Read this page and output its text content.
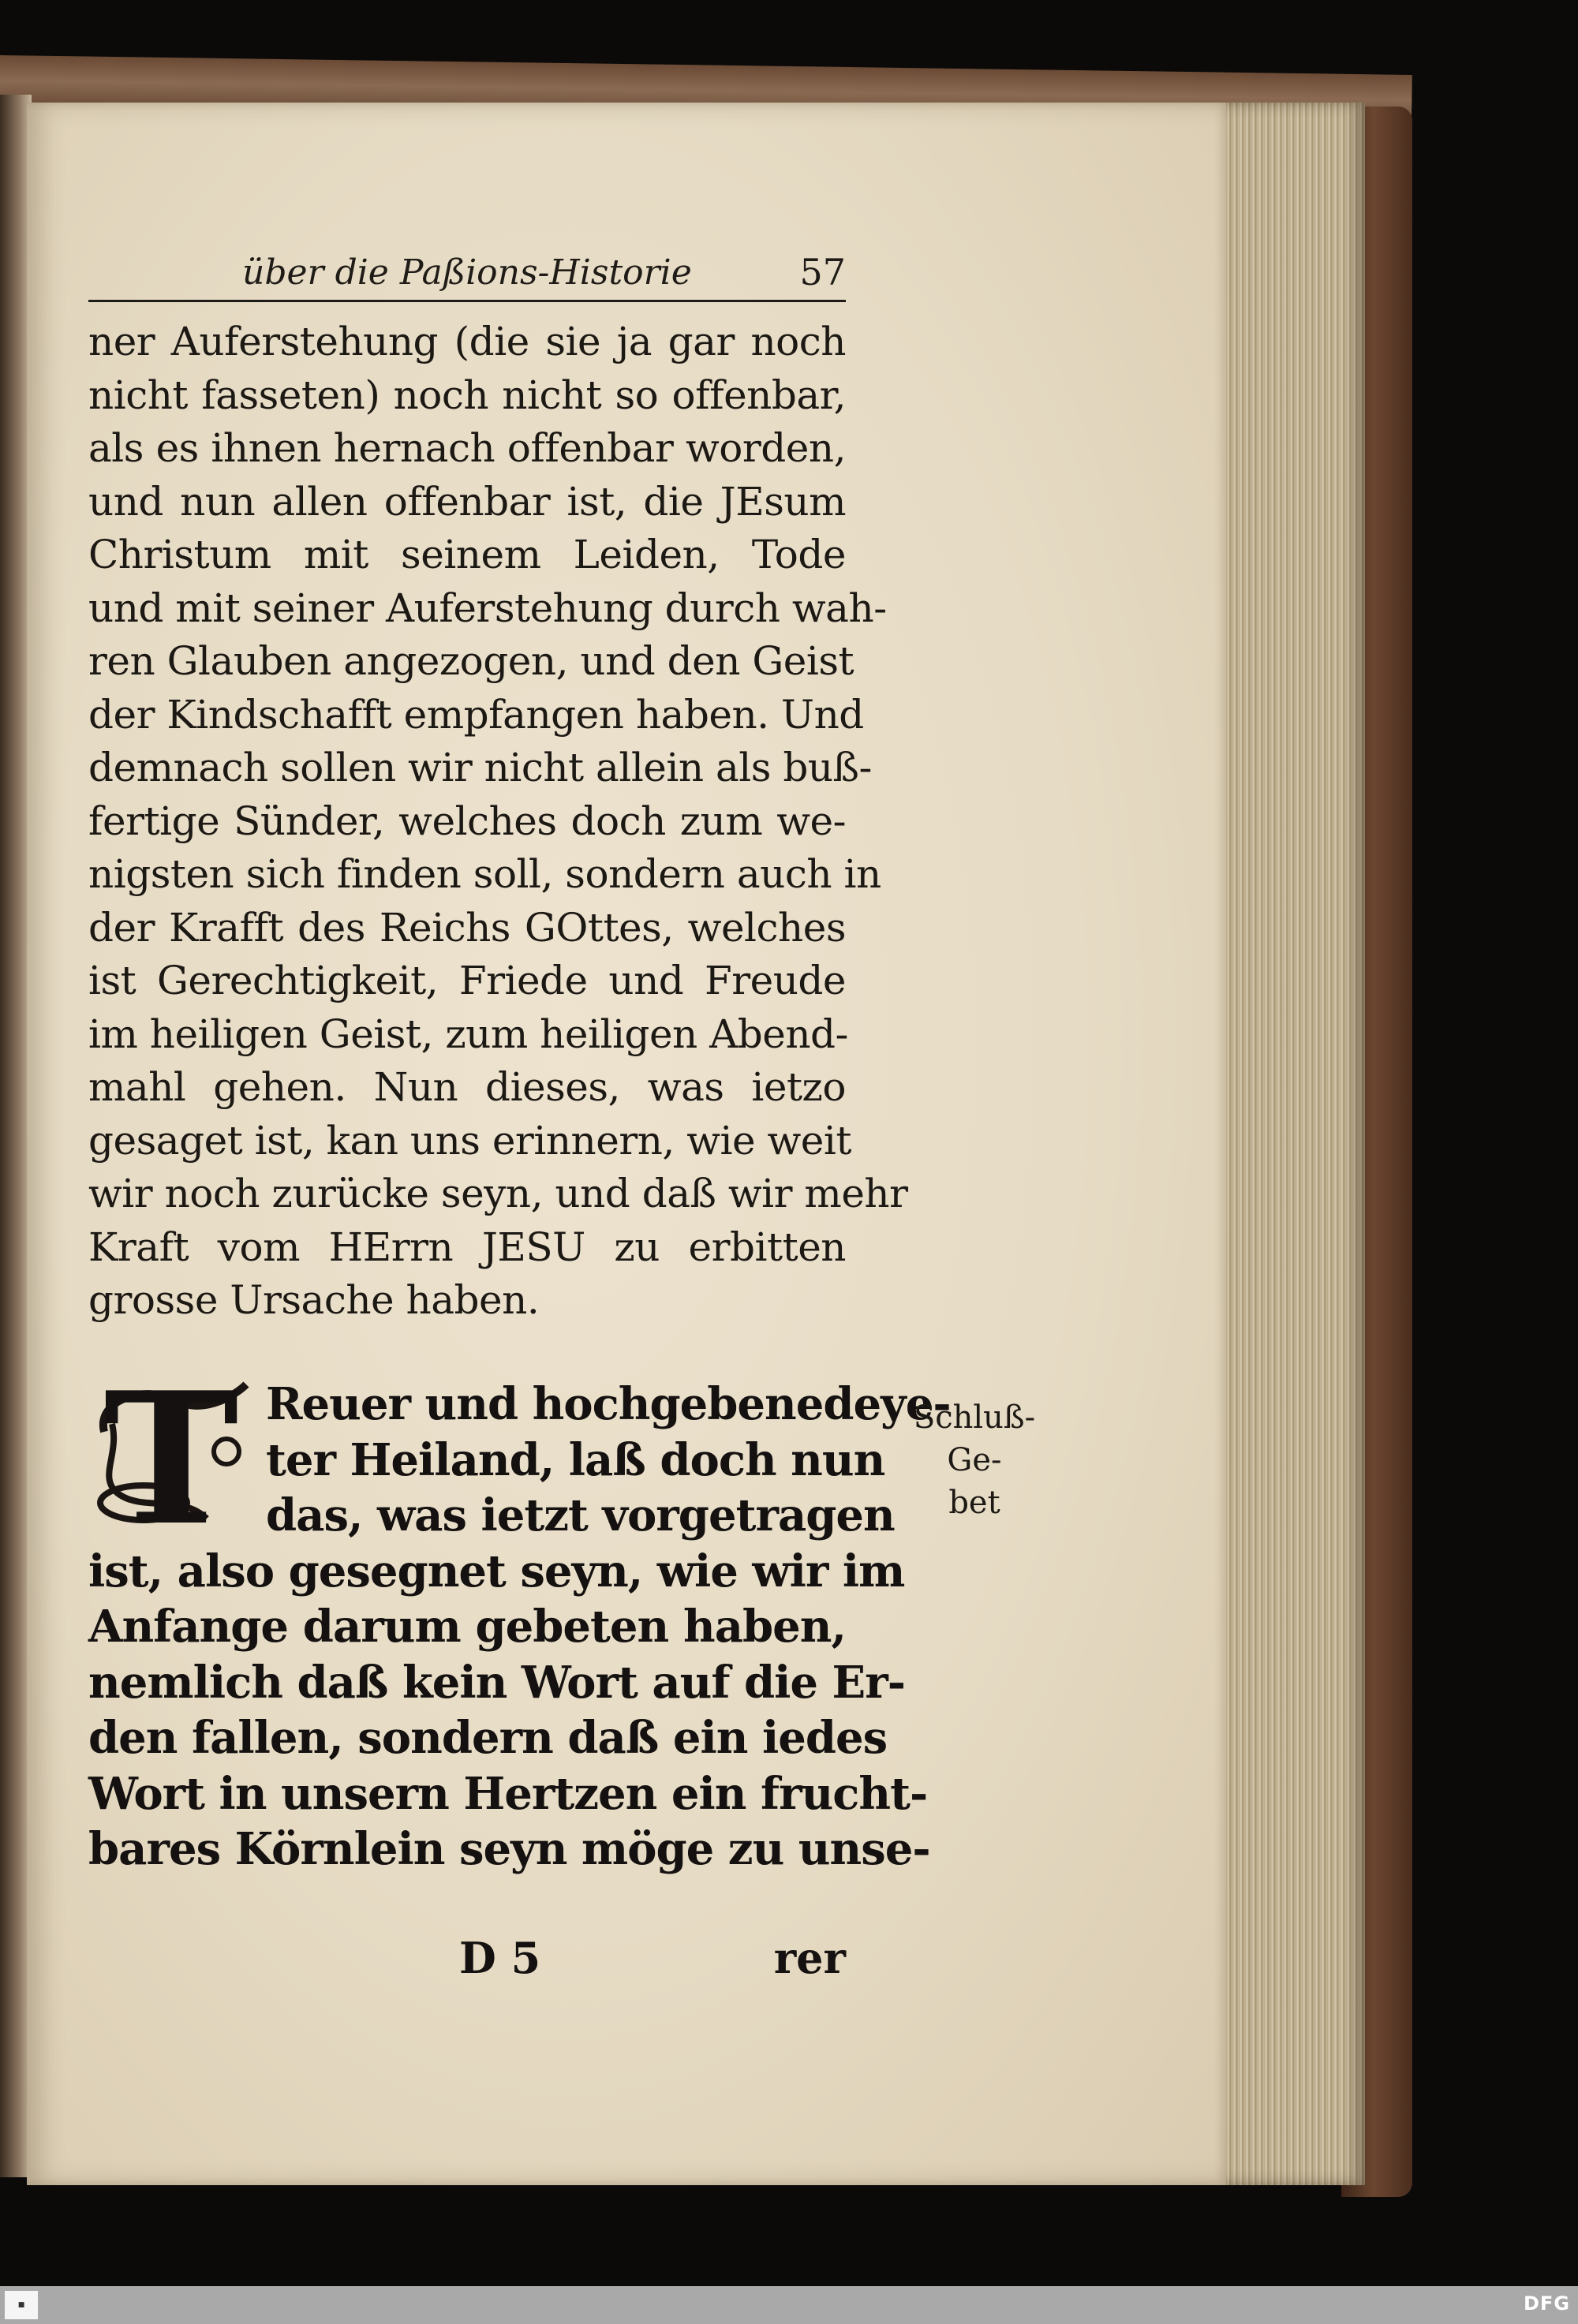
über die Paßions-Historie	57
ner Auferstehung (die sie ja gar noch
nicht fasseten) noch nicht so offenbar,
als es ihnen hernach offenbar worden,
und nun allen offenbar ist, die JEsum
Christum mit seinem Leiden, Tode
und mit seiner Auferstehung durch wah-
ren Glauben angezogen, und den Geist
der Kindschafft empfangen haben. Und
demnach sollen wir nicht allein als buß-
fertige Sünder, welches doch zum we-
nigsten sich finden soll, sondern auch in
der Krafft des Reichs GOttes, welches
ist Gerechtigkeit, Friede und Freude
im heiligen Geist, zum heiligen Abend-
mahl gehen. Nun dieses, was ietzo
gesaget ist, kan uns erinnern, wie weit
wir noch zurücke seyn, und daß wir mehr
Kraft vom HErrn JESU zu erbitten
grosse Ursache haben.
T Reuer und hochgebenedeye-
ter Heiland, laß doch nun
das, was ietzt vorgetragen
ist, also gesegnet seyn, wie wir im
Anfange darum gebeten haben,
nemlich daß kein Wort auf die Er-
den fallen, sondern daß ein iedes
Wort in unsern Hertzen ein frucht-
bares Körnlein seyn möge zu unse-
Schluß-Ge-
bet
D 5	rer
■	DFG
